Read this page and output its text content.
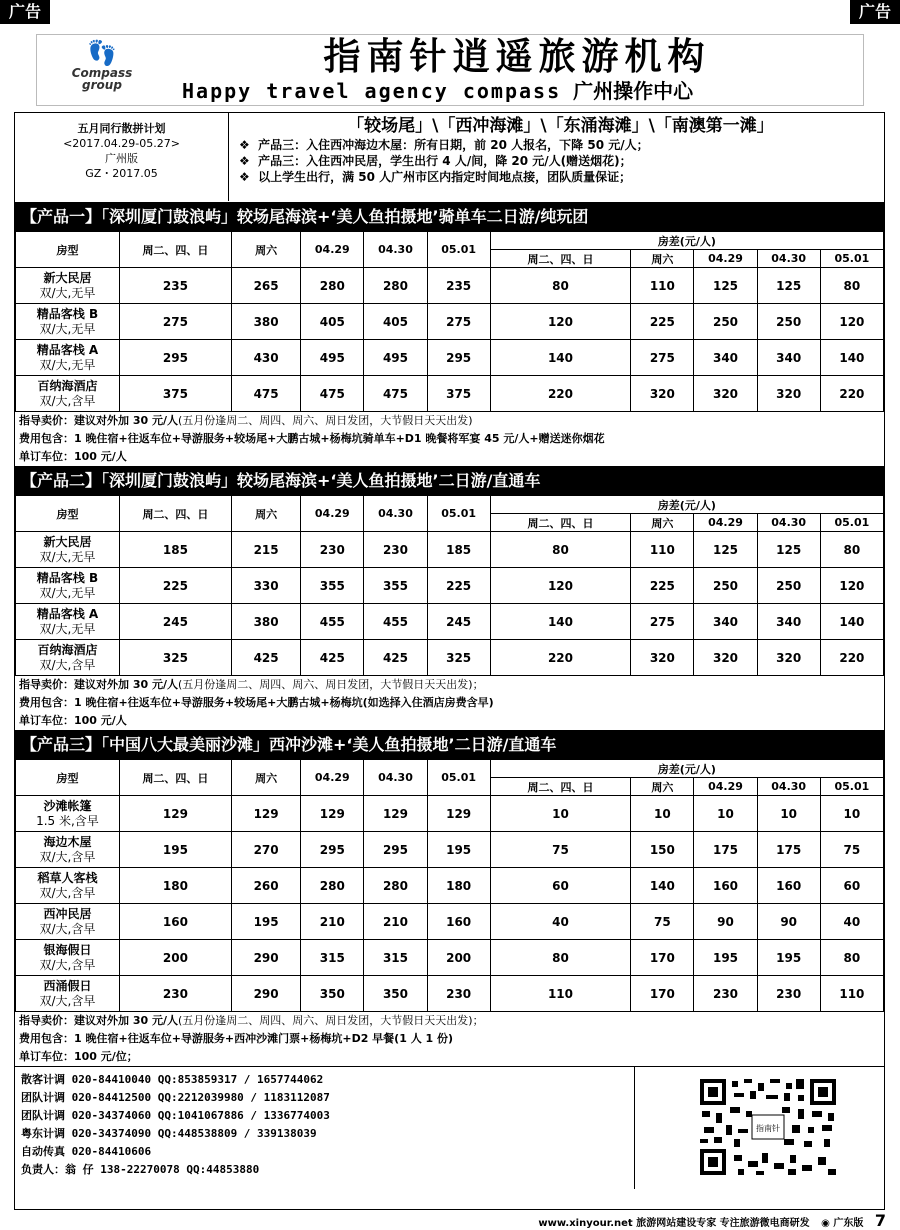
广告	广告
👣
Compass
group
指南针逍遥旅游机构
Happy travel agency compass 广州操作中心
五月同行散拼计划
<2017.04.29-05.27>
广州版
GZ・2017.05
「较场尾」\「西冲海滩」\「东涌海滩」\「南澳第一滩」
❖  产品三：入住西冲海边木屋：所有日期，前 20 人报名，下降 50 元/人；
❖  产品三：入住西冲民居，学生出行 4 人/间，降 20 元/人(赠送烟花)；
❖  以上学生出行，满 50 人广州市区内指定时间地点接，团队质量保证；
【产品一】「深圳厦门鼓浪屿」较场尾海滨+‘美人鱼拍摄地’骑单车二日游/纯玩团
房型	周二、四、日	周六	04.29	04.30	05.01	房差(元/人)				
						周二、四、日	周六	04.29	04.30	05.01

新大民居
双/大,无早	235	265	280	280	235	80	110	125	125	80

精品客栈 B
双/大,无早	275	380	405	405	275	120	225	250	250	120

精品客栈 A
双/大,无早	295	430	495	495	295	140	275	340	340	140

百纳海酒店
双/大,含早	375	475	475	475	375	220	320	320	320	220
指导卖价：建议对外加 30 元/人(五月份逢周二、周四、周六、周日发团，大节假日天天出发)
费用包含：1 晚住宿+往返车位+导游服务+较场尾+大鹏古城+杨梅坑骑单车+D1 晚餐将军宴 45 元/人+赠送迷你烟花
单订车位：100 元/人
【产品二】「深圳厦门鼓浪屿」较场尾海滨+‘美人鱼拍摄地’二日游/直通车
房型	周二、四、日	周六	04.29	04.30	05.01	房差(元/人)				
						周二、四、日	周六	04.29	04.30	05.01

新大民居
双/大,无早	185	215	230	230	185	80	110	125	125	80

精品客栈 B
双/大,无早	225	330	355	355	225	120	225	250	250	120

精品客栈 A
双/大,无早	245	380	455	455	245	140	275	340	340	140

百纳海酒店
双/大,含早	325	425	425	425	325	220	320	320	320	220
指导卖价：建议对外加 30 元/人(五月份逢周二、周四、周六、周日发团，大节假日天天出发)；
费用包含：1 晚住宿+往返车位+导游服务+较场尾+大鹏古城+杨梅坑(如选择入住酒店房费含早)
单订车位：100 元/人
【产品三】「中国八大最美丽沙滩」西冲沙滩+‘美人鱼拍摄地’二日游/直通车
房型	周二、四、日	周六	04.29	04.30	05.01	房差(元/人)				
						周二、四、日	周六	04.29	04.30	05.01

沙滩帐篷
1.5 米,含早	129	129	129	129	129	10	10	10	10	10

海边木屋
双/大,含早	195	270	295	295	195	75	150	175	175	75

稻草人客栈
双/大,含早	180	260	280	280	180	60	140	160	160	60

西冲民居
双/大,含早	160	195	210	210	160	40	75	90	90	40

银海假日
双/大,含早	200	290	315	315	200	80	170	195	195	80

西涌假日
双/大,含早	230	290	350	350	230	110	170	230	230	110
指导卖价：建议对外加 30 元/人(五月份逢周二、周四、周六、周日发团，大节假日天天出发)；
费用包含：1 晚住宿+往返车位+导游服务+西冲沙滩门票+杨梅坑+D2 早餐(1 人 1 份)
单订车位：100 元/位；
散客计调 020-84410040 QQ:853859317 / 1657744062
团队计调 020-84412500 QQ:2212039980 / 1183112087
团队计调 020-34374060 QQ:1041067886 / 1336774003
粤东计调 020-34374090 QQ:448538809 / 339138039
自动传真 020-84410606
负责人：翁 仔 138-22270078 QQ:44853880
指南针
www.xinyour.net 旅游网站建设专家 专注旅游微电商研发 ◉ 广东版 7
